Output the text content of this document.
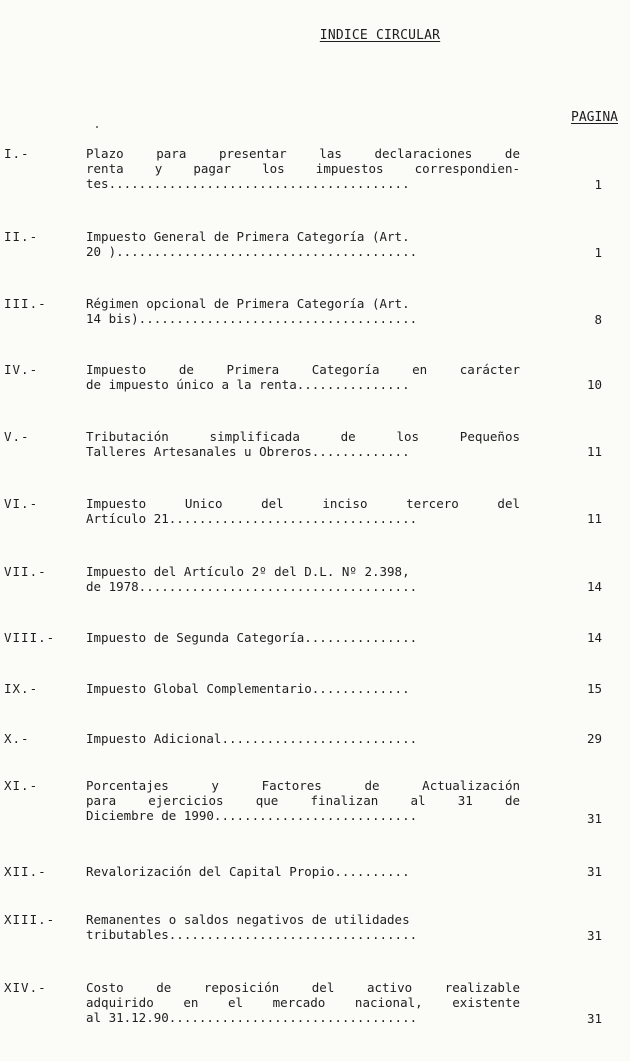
INDICE CIRCULAR
PAGINA
I.-	Plazo para presentar las declaraciones de
renta y pagar los impuestos correspondien-
tes........................................	1
II.-	Impuesto General de Primera Categoría (Art.
20 )........................................	1
III.-	Régimen opcional de Primera Categoría (Art.
14 bis).....................................	8
IV.-	Impuesto de Primera Categoría en carácter
de impuesto único a la renta...............	10
V.-	Tributación simplificada de los Pequeños
Talleres Artesanales u Obreros.............	11
VI.-	Impuesto Unico del inciso tercero del
Artículo 21.................................	11
VII.-	Impuesto del Artículo 2º del D.L. Nº 2.398,
de 1978.....................................	14
VIII.- Impuesto de Segunda Categoría...............	14
IX.-	Impuesto Global Complementario.............	15
X.-	Impuesto Adicional..........................	29
XI.-	Porcentajes y Factores de Actualización
para ejercicios que finalizan al 31 de
Diciembre de 1990...........................	31
XII.-	Revalorización del Capital Propio..........	31
XIII.- Remanentes o saldos negativos de utilidades
tributables.................................	31
XIV.-	Costo de reposición del activo realizable
adquirido en el mercado nacional, existente
al 31.12.90.................................	31
